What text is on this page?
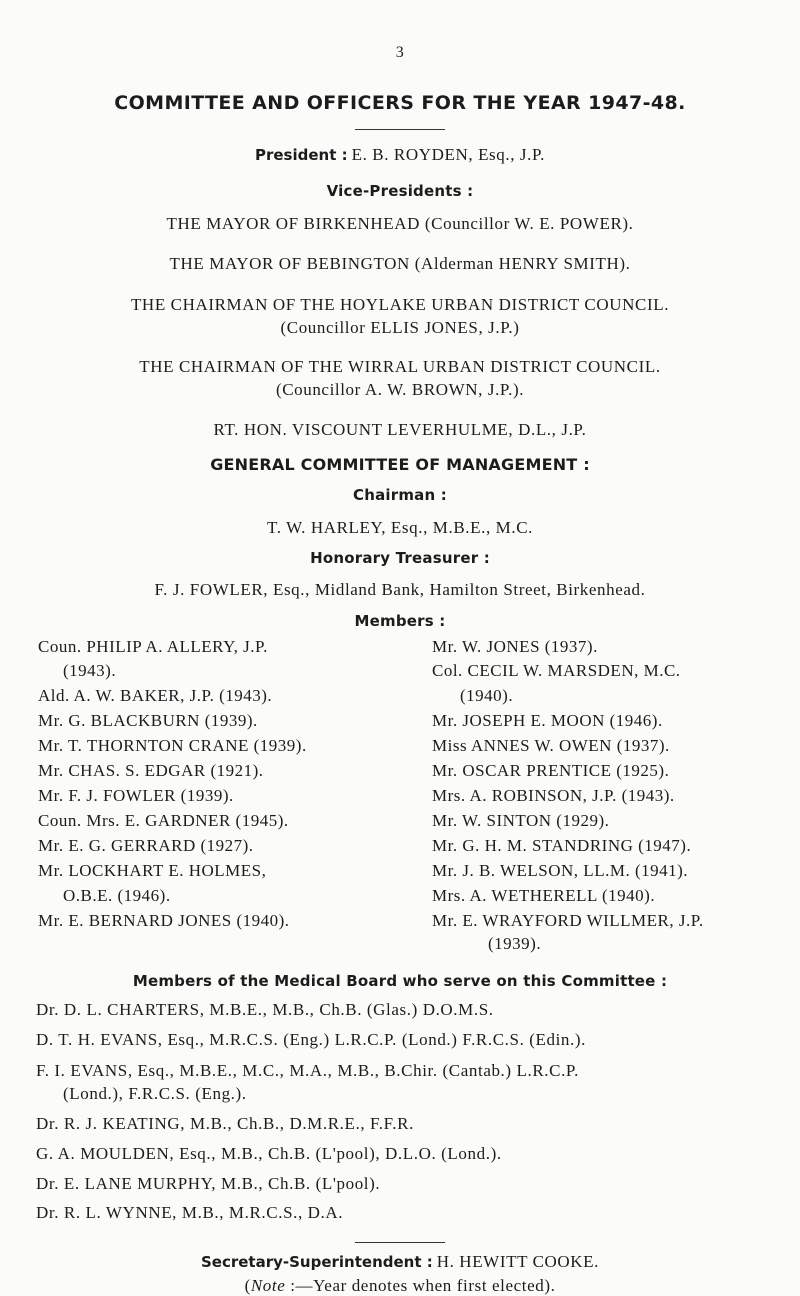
3
COMMITTEE AND OFFICERS FOR THE YEAR 1947-48.
President : E. B. ROYDEN, Esq., J.P.
Vice-Presidents :
THE MAYOR OF BIRKENHEAD (Councillor W. E. POWER).
THE MAYOR OF BEBINGTON (Alderman HENRY SMITH).
THE CHAIRMAN OF THE HOYLAKE URBAN DISTRICT COUNCIL.
(Councillor ELLIS JONES, J.P.)
THE CHAIRMAN OF THE WIRRAL URBAN DISTRICT COUNCIL.
(Councillor A. W. BROWN, J.P.).
RT. HON. VISCOUNT LEVERHULME, D.L., J.P.
GENERAL COMMITTEE OF MANAGEMENT :
Chairman :
T. W. HARLEY, Esq., M.B.E., M.C.
Honorary Treasurer :
F. J. FOWLER, Esq., Midland Bank, Hamilton Street, Birkenhead.
Members :
Coun. PHILIP A. ALLERY, J.P.
(1943).
Ald. A. W. BAKER, J.P. (1943).
Mr. G. BLACKBURN (1939).
Mr. T. THORNTON CRANE (1939).
Mr. CHAS. S. EDGAR (1921).
Mr. F. J. FOWLER (1939).
Coun. Mrs. E. GARDNER (1945).
Mr. E. G. GERRARD (1927).
Mr. LOCKHART E. HOLMES,
O.B.E. (1946).
Mr. E. BERNARD JONES (1940).
Mr. W. JONES (1937).
Col. CECIL W. MARSDEN, M.C.
(1940).
Mr. JOSEPH E. MOON (1946).
Miss ANNES W. OWEN (1937).
Mr. OSCAR PRENTICE (1925).
Mrs. A. ROBINSON, J.P. (1943).
Mr. W. SINTON (1929).
Mr. G. H. M. STANDRING (1947).
Mr. J. B. WELSON, LL.M. (1941).
Mrs. A. WETHERELL (1940).
Mr. E. WRAYFORD WILLMER, J.P.
(1939).
Members of the Medical Board who serve on this Committee :
Dr. D. L. CHARTERS, M.B.E., M.B., Ch.B. (Glas.) D.O.M.S.
D. T. H. EVANS, Esq., M.R.C.S. (Eng.) L.R.C.P. (Lond.) F.R.C.S. (Edin.).
F. I. EVANS, Esq., M.B.E., M.C., M.A., M.B., B.Chir. (Cantab.) L.R.C.P.
(Lond.), F.R.C.S. (Eng.).
Dr. R. J. KEATING, M.B., Ch.B., D.M.R.E., F.F.R.
G. A. MOULDEN, Esq., M.B., Ch.B. (L'pool), D.L.O. (Lond.).
Dr. E. LANE MURPHY, M.B., Ch.B. (L'pool).
Dr. R. L. WYNNE, M.B., M.R.C.S., D.A.
Secretary-Superintendent : H. HEWITT COOKE.
(Note :—Year denotes when first elected).
